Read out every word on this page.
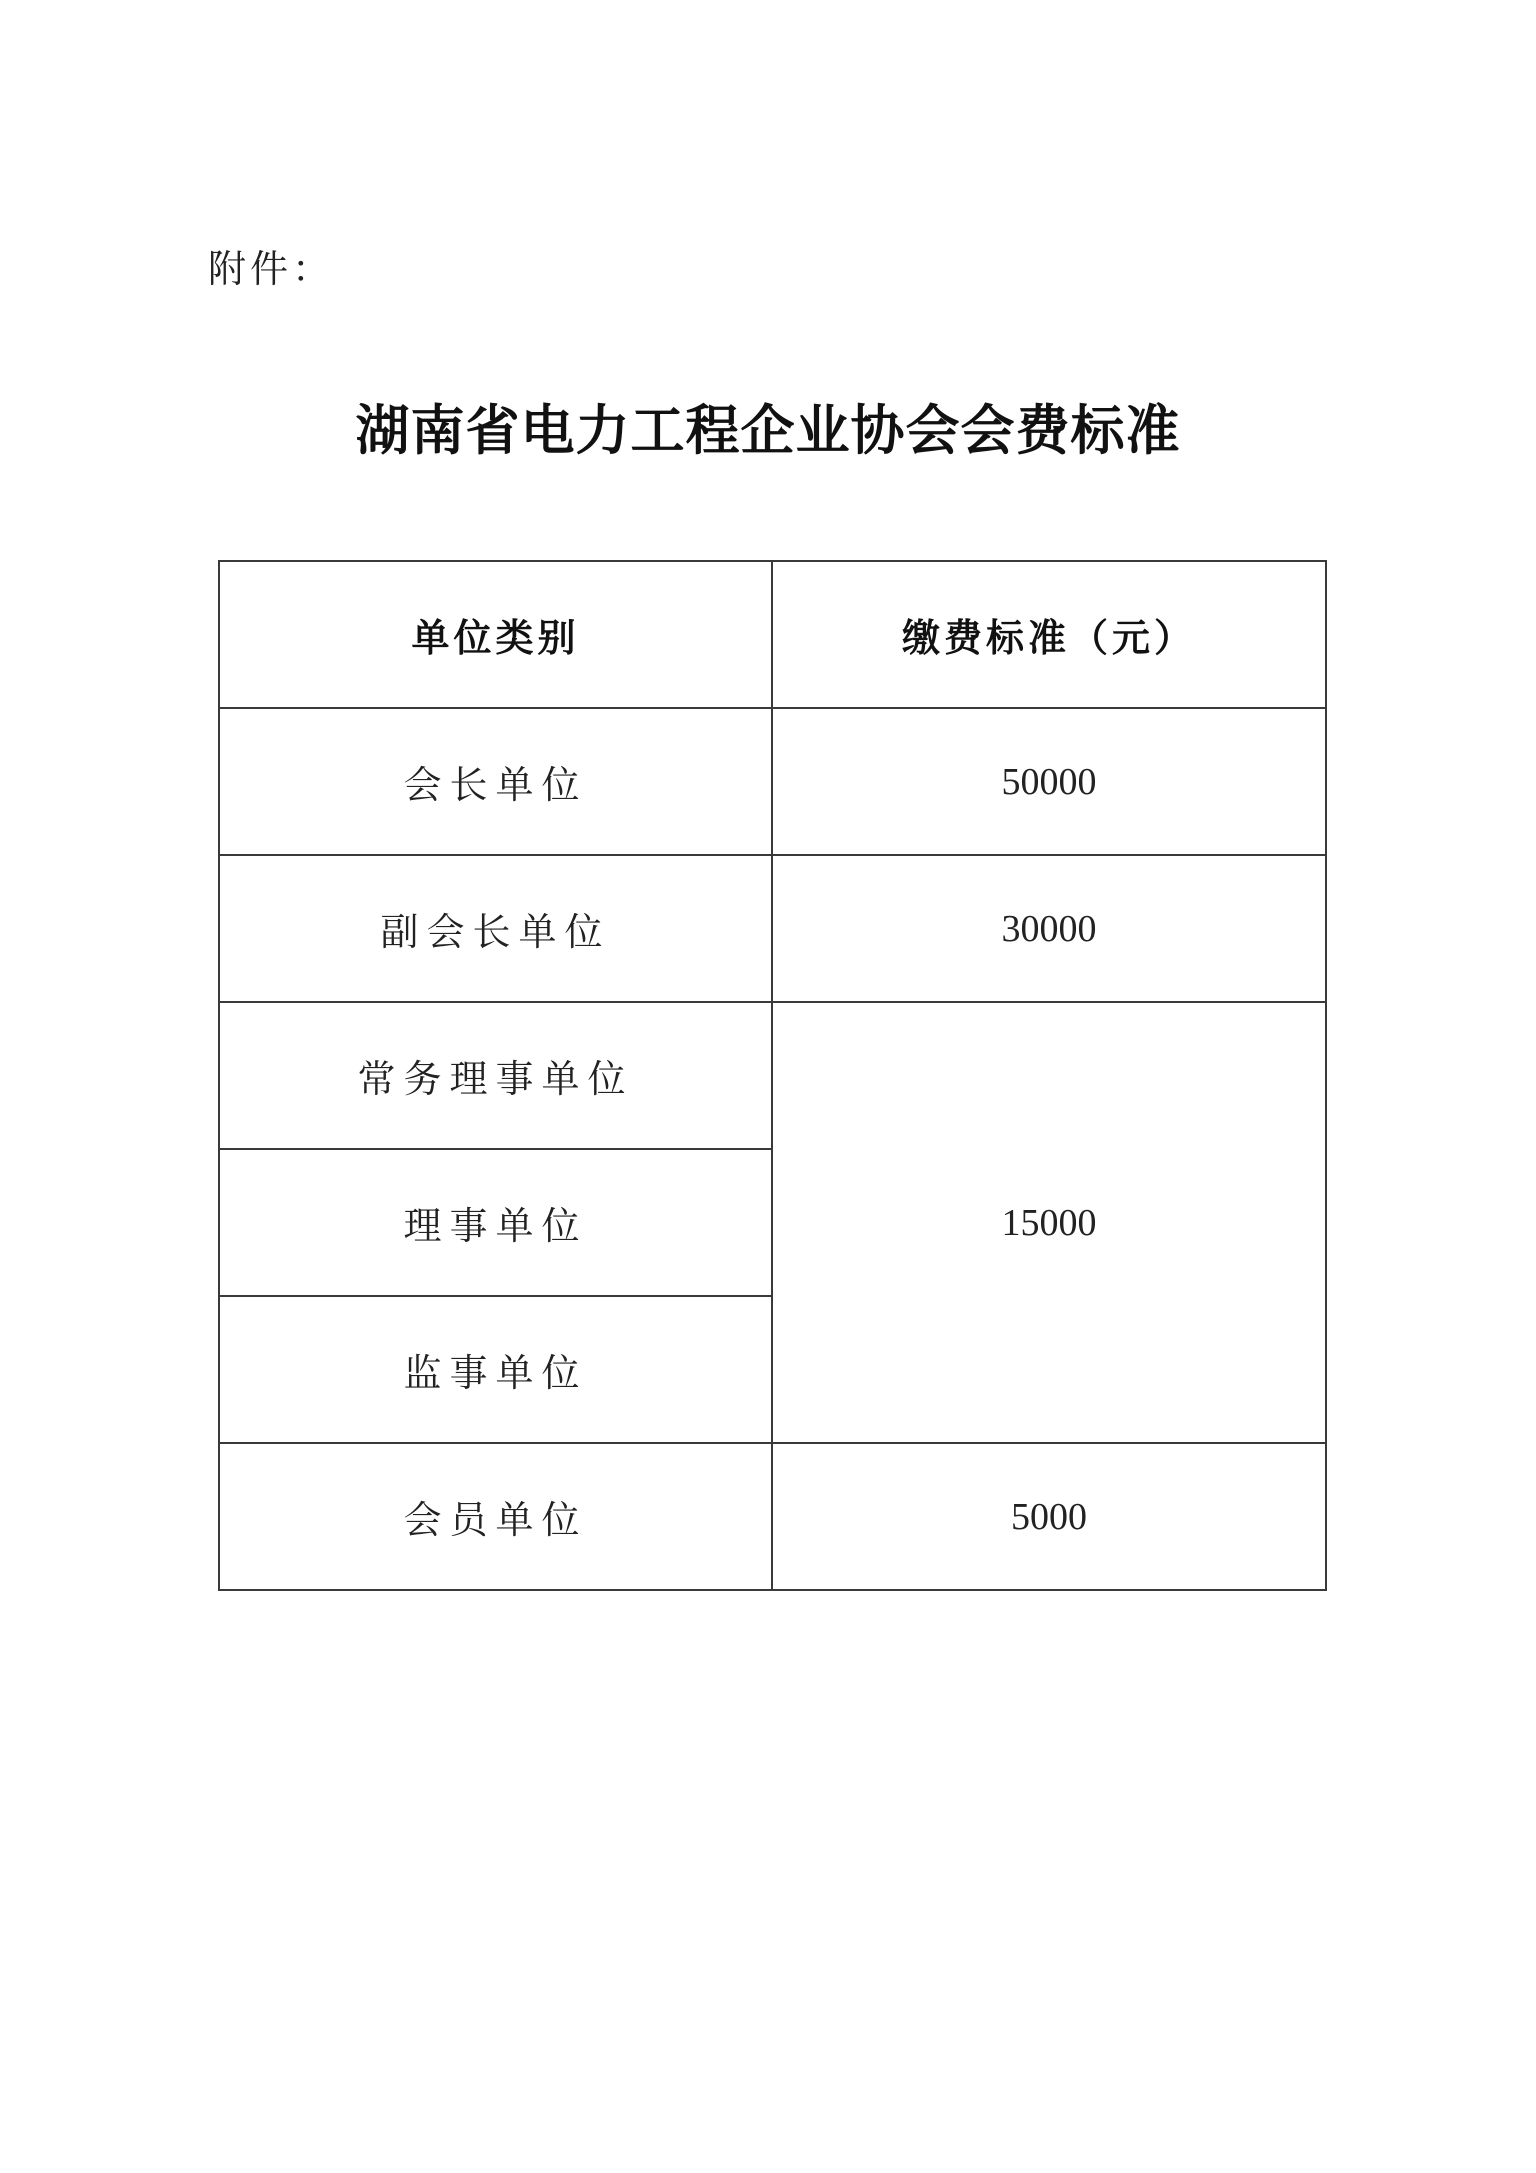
附件：
湖南省电力工程企业协会会费标准
单位类别	缴费标准（元）
会长单位	50000
副会长单位	30000
常务理事单位	15000
理事单位	
监事单位	
会员单位	5000
